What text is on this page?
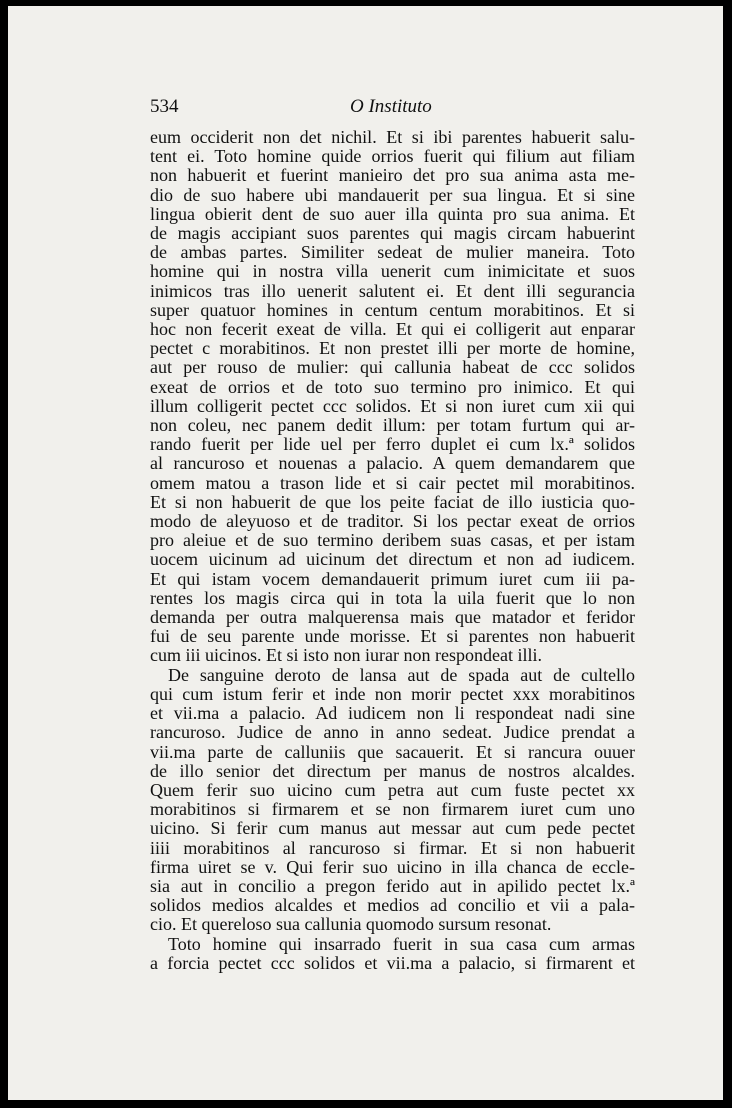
534	O Instituto
eum occiderit non det nichil. Et si ibi parentes habuerit salu-
tent ei. Toto homine quide orrios fuerit qui filium aut filiam
non habuerit et fuerint manieiro det pro sua anima asta me-
dio de suo habere ubi mandauerit per sua lingua. Et si sine
lingua obierit dent de suo auer illa quinta pro sua anima. Et
de magis accipiant suos parentes qui magis circam habuerint
de ambas partes. Similiter sedeat de mulier maneira. Toto
homine qui in nostra villa uenerit cum inimicitate et suos
inimicos tras illo uenerit salutent ei. Et dent illi segurancia
super quatuor homines in centum centum morabitinos. Et si
hoc non fecerit exeat de villa. Et qui ei colligerit aut enparar
pectet c morabitinos. Et non prestet illi per morte de homine,
aut per rouso de mulier: qui callunia habeat de ccc solidos
exeat de orrios et de toto suo termino pro inimico. Et qui
illum colligerit pectet ccc solidos. Et si non iuret cum xii qui
non coleu, nec panem dedit illum: per totam furtum qui ar-
rando fuerit per lide uel per ferro duplet ei cum lx.ª solidos
al rancuroso et nouenas a palacio. A quem demandarem que
omem matou a trason lide et si cair pectet mil morabitinos.
Et si non habuerit de que los peite faciat de illo iusticia quo-
modo de aleyuoso et de traditor. Si los pectar exeat de orrios
pro aleiue et de suo termino deribem suas casas, et per istam
uocem uicinum ad uicinum det directum et non ad iudicem.
Et qui istam vocem demandauerit primum iuret cum iii pa-
rentes los magis circa qui in tota la uila fuerit que lo non
demanda per outra malquerensa mais que matador et feridor
fui de seu parente unde morisse. Et si parentes non habuerit
cum iii uicinos. Et si isto non iurar non respondeat illi.
De sanguine deroto de lansa aut de spada aut de cultello
qui cum istum ferir et inde non morir pectet xxx morabitinos
et vii.ma a palacio. Ad iudicem non li respondeat nadi sine
rancuroso. Judice de anno in anno sedeat. Judice prendat a
vii.ma parte de calluniis que sacauerit. Et si rancura ouuer
de illo senior det directum per manus de nostros alcaldes.
Quem ferir suo uicino cum petra aut cum fuste pectet xx
morabitinos si firmarem et se non firmarem iuret cum uno
uicino. Si ferir cum manus aut messar aut cum pede pectet
iiii morabitinos al rancuroso si firmar. Et si non habuerit
firma uiret se v. Qui ferir suo uicino in illa chanca de eccle-
sia aut in concilio a pregon ferido aut in apilido pectet lx.ª
solidos medios alcaldes et medios ad concilio et vii a pala-
cio. Et quereloso sua callunia quomodo sursum resonat.
Toto homine qui insarrado fuerit in sua casa cum armas
a forcia pectet ccc solidos et vii.ma a palacio, si firmarent et
